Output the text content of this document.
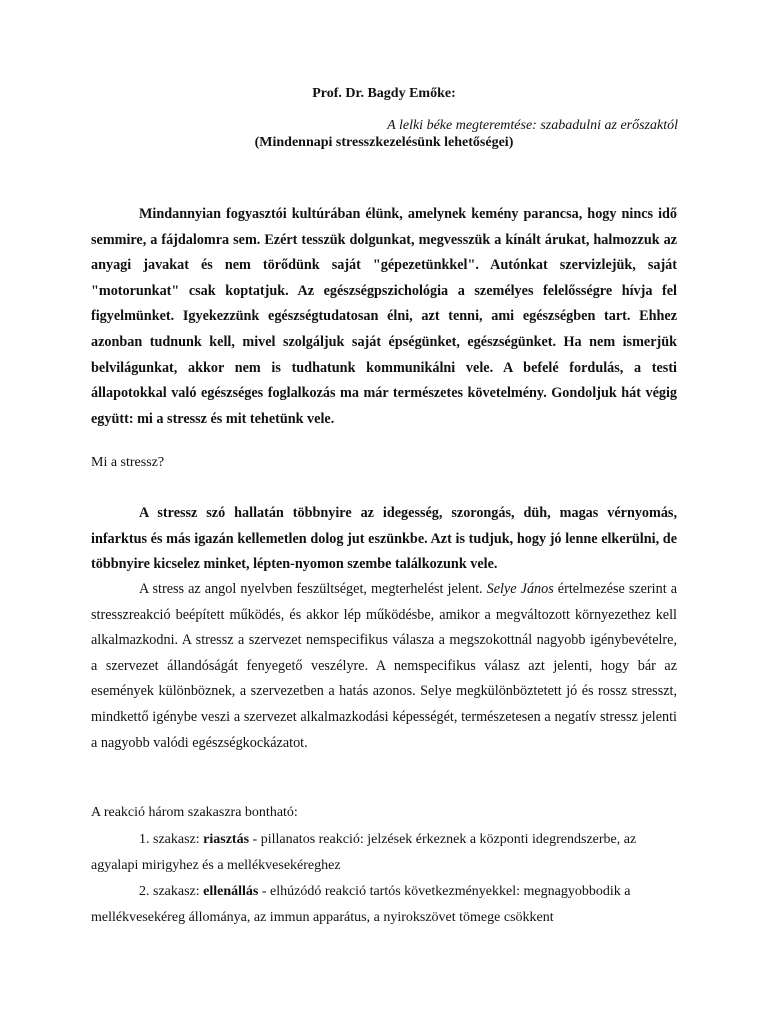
Prof. Dr. Bagdy Emőke:
A lelki béke megteremtése: szabadulni az erőszaktól
(Mindennapi stresszkezelésünk lehetőségei)

Mindannyian fogyasztói kultúrában élünk, amelynek kemény parancsa, hogy nincs idő semmire, a fájdalomra sem. Ezért tesszük dolgunkat, megvesszük a kínált árukat, halmozzuk az anyagi javakat és nem törődünk saját "gépezetünkkel". Autónkat szervizlejük, saját "motorunkat" csak koptatjuk. Az egészségpszichológia a személyes felelősségre hívja fel figyelmünket. Igyekezzünk egészségtudatosan élni, azt tenni, ami egészségben tart. Ehhez azonban tudnunk kell, mivel szolgáljuk saját épségünket, egészségünket. Ha nem ismerjük belvilágunkat, akkor nem is tudhatunk kommunikálni vele. A befelé fordulás, a testi állapotokkal való egészséges foglalkozás ma már természetes követelmény. Gondoljuk hát végig együtt: mi a stressz és mit tehetünk vele.

Mi a stressz?

A stressz szó hallatán többnyire az idegesség, szorongás, düh, magas vérnyomás, infarktus és más igazán kellemetlen dolog jut eszünkbe. Azt is tudjuk, hogy jó lenne elkerülni, de többnyire kicselez minket, lépten-nyomon szembe találkozunk vele.

A stress az angol nyelvben feszültséget, megterhelést jelent. Selye János értelmezése szerint a stresszreakció beépített működés, és akkor lép működésbe, amikor a megváltozott környezethez kell alkalmazkodni. A stressz a szervezet nemspecifikus válasza a megszokottnál nagyobb igénybevételre, a szervezet állandóságát fenyegető veszélyre. A nemspecifikus válasz azt jelenti, hogy bár az események különböznek, a szervezetben a hatás azonos. Selye megkülönböztetett jó és rossz stresszt, mindkettő igénybe veszi a szervezet alkalmazkodási képességét, természetesen a negatív stressz jelenti a nagyobb valódi egészségkockázatot.

A reakció három szakaszra bontható:

1. szakasz: riasztás - pillanatos reakció: jelzések érkeznek a központi idegrendszerbe, az agyalapi mirigyhez és a mellékvesekéreghez

2. szakasz: ellenállás - elhúzódó reakció tartós következményekkel: megnagyobbodik a mellékvesekéreg állománya, az immun apparátus, a nyirokszövet tömege csökkent
